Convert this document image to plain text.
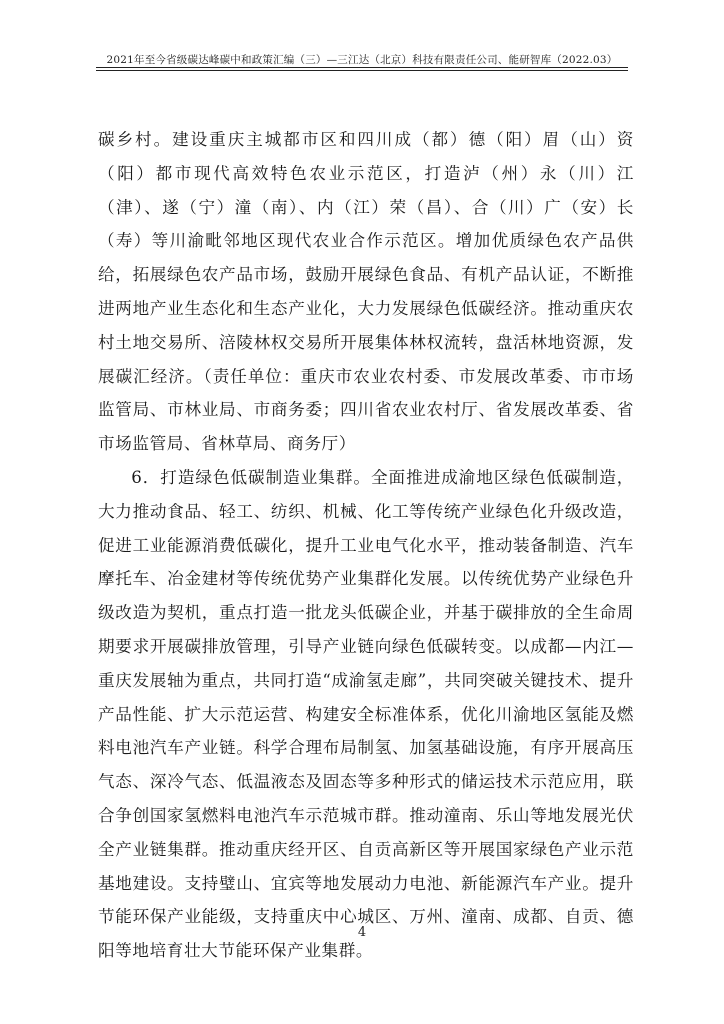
2021年至今省级碳达峰碳中和政策汇编（三）—三江达（北京）科技有限责任公司、能研智库（2022.03）

碳乡村。建设重庆主城都市区和四川成（都）德（阳）眉（山）资（阳）都市现代高效特色农业示范区，打造泸（州）永（川）江（津）、遂（宁）潼（南）、内（江）荣（昌）、合（川）广（安）长（寿）等川渝毗邻地区现代农业合作示范区。增加优质绿色农产品供给，拓展绿色农产品市场，鼓励开展绿色食品、有机产品认证，不断推进两地产业生态化和生态产业化，大力发展绿色低碳经济。推动重庆农村土地交易所、涪陵林权交易所开展集体林权流转，盘活林地资源，发展碳汇经济。（责任单位：重庆市农业农村委、市发展改革委、市市场监管局、市林业局、市商务委；四川省农业农村厅、省发展改革委、省市场监管局、省林草局、商务厅）

6．打造绿色低碳制造业集群。全面推进成渝地区绿色低碳制造，大力推动食品、轻工、纺织、机械、化工等传统产业绿色化升级改造，促进工业能源消费低碳化，提升工业电气化水平，推动装备制造、汽车摩托车、冶金建材等传统优势产业集群化发展。以传统优势产业绿色升级改造为契机，重点打造一批龙头低碳企业，并基于碳排放的全生命周期要求开展碳排放管理，引导产业链向绿色低碳转变。以成都—内江—重庆发展轴为重点，共同打造“成渝氢走廊”，共同突破关键技术、提升产品性能、扩大示范运营、构建安全标准体系，优化川渝地区氢能及燃料电池汽车产业链。科学合理布局制氢、加氢基础设施，有序开展高压气态、深冷气态、低温液态及固态等多种形式的储运技术示范应用，联合争创国家氢燃料电池汽车示范城市群。推动潼南、乐山等地发展光伏全产业链集群。推动重庆经开区、自贡高新区等开展国家绿色产业示范基地建设。支持璧山、宜宾等地发展动力电池、新能源汽车产业。提升节能环保产业能级，支持重庆中心城区、万州、潼南、成都、自贡、德阳等地培育壮大节能环保产业集群。

4
